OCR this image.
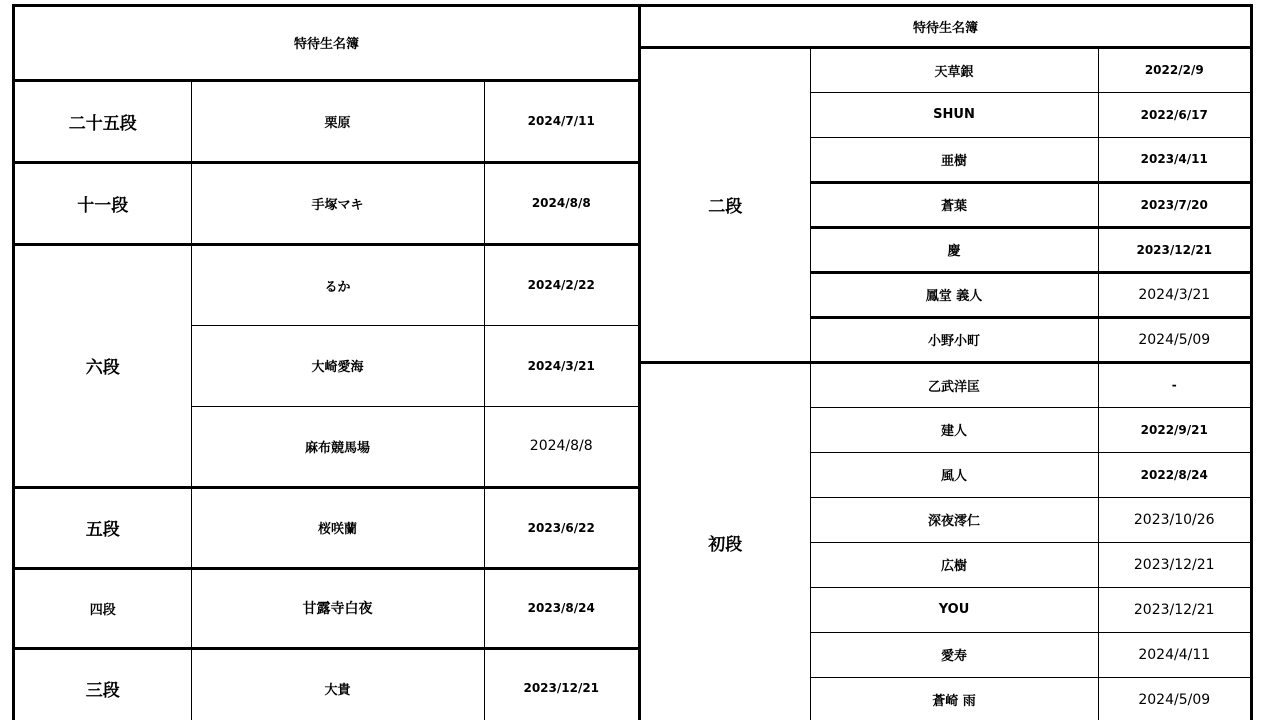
特待生名簿		
二十五段	栗原	2024/7/11
十一段	手塚マキ	2024/8/8
六段	るか	2024/2/22
	大崎愛海	2024/3/21
	麻布競馬場	2024/8/8
五段	桜咲蘭	2023/6/22
四段	甘露寺白夜	2023/8/24
三段	大貴	2023/12/21
特待生名簿		
二段	天草銀	2022/2/9
	SHUN	2022/6/17
	亜樹	2023/4/11
	蒼葉	2023/7/20
	慶	2023/12/21
	鳳堂 義人	2024/3/21
	小野小町	2024/5/09
初段	乙武洋匡	-
	建人	2022/9/21
	風人	2022/8/24
	深夜澪仁	2023/10/26
	広樹	2023/12/21
	YOU	2023/12/21
	愛寿	2024/4/11
	蒼崎 雨	2024/5/09
